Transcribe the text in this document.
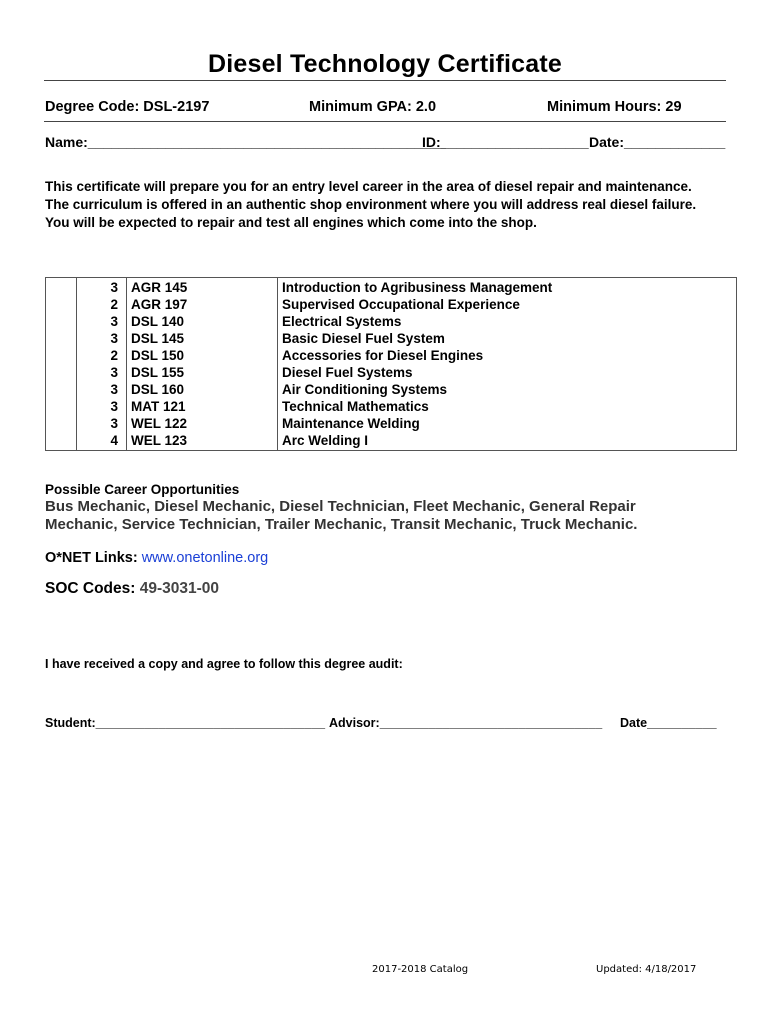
Diesel Technology Certificate
Degree Code: DSL-2197	Minimum GPA: 2.0	Minimum Hours: 29
Name:______________________________________________
ID:___________________ Date:_____________
This certificate will prepare you for an entry level career in the area of diesel repair and maintenance.
The curriculum is offered in an authentic shop environment where you will address real diesel failure.
You will be expected to repair and test all engines which come into the shop.
	3	AGR 145	Introduction to Agribusiness Management
	2	AGR 197	Supervised Occupational Experience
	3	DSL 140	Electrical Systems
	3	DSL 145	Basic Diesel Fuel System
	2	DSL 150	Accessories for Diesel Engines
	3	DSL 155	Diesel Fuel Systems
	3	DSL 160	Air Conditioning Systems
	3	MAT 121	Technical Mathematics
	3	WEL 122	Maintenance Welding
	4	WEL 123	Arc Welding I
Possible Career Opportunities
Bus Mechanic, Diesel Mechanic, Diesel Technician, Fleet Mechanic, General Repair
Mechanic, Service Technician, Trailer Mechanic, Transit Mechanic, Truck Mechanic.
O*NET Links: www.onetonline.org
SOC Codes: 49-3031-00
I have received a copy and agree to follow this degree audit:
Student:_________________________________ Advisor:________________________________ Date__________
2017-2018 Catalog	Updated: 4/18/2017
